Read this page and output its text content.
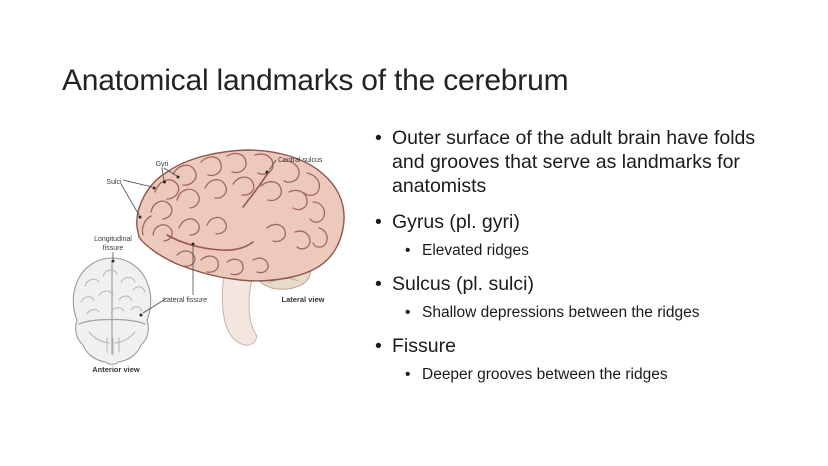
Anatomical landmarks of the cerebrum
Gyri
Sulci
Central sulcus
Longitudinal
fissure
Lateral fissure	Lateral view
Anterior view
• Outer surface of the adult brain have folds and grooves that serve as landmarks for anatomists
• Gyrus (pl. gyri)
• Elevated ridges
• Sulcus (pl. sulci)
• Shallow depressions between the ridges
• Fissure
• Deeper grooves between the ridges
